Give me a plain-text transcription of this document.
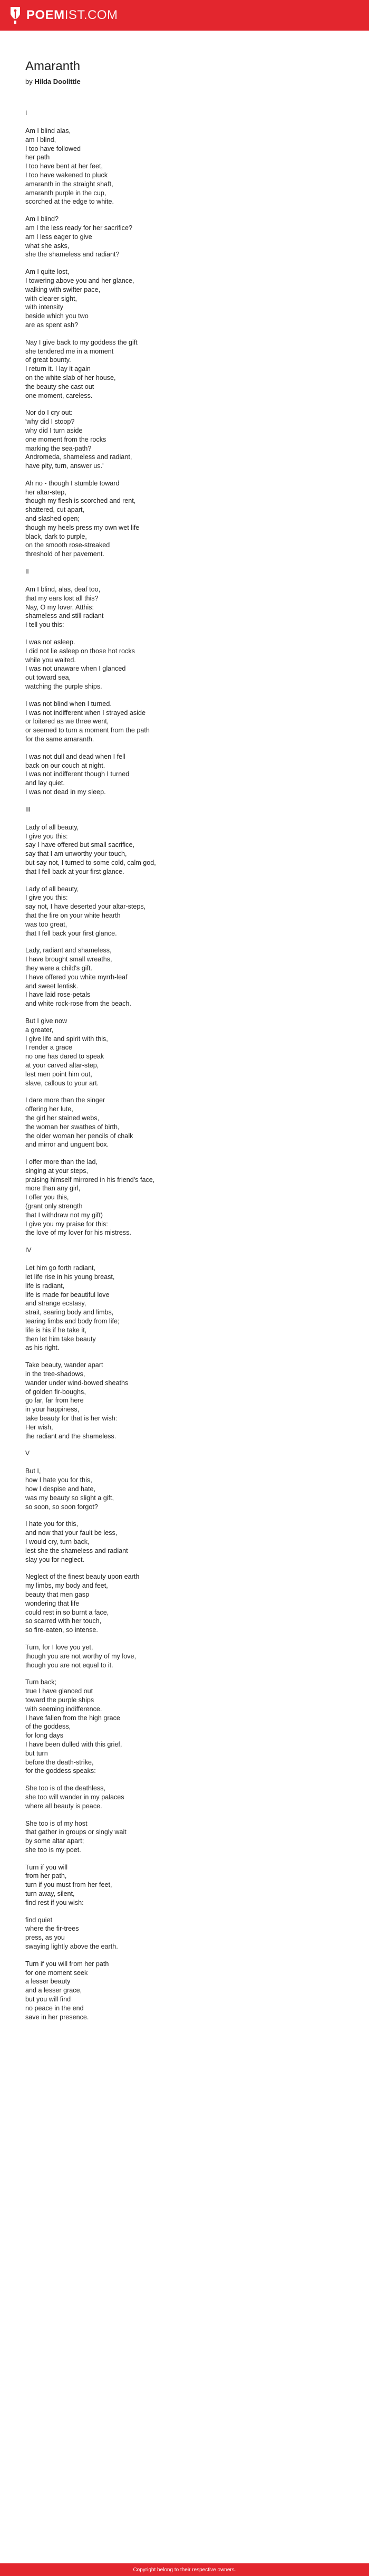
POEMIST.COM
Amaranth
by Hilda Doolittle
I
Am I blind alas,
am I blind,
I too have followed
her path
I too have bent at her feet,
I too have wakened to pluck
amaranth in the straight shaft,
amaranth purple in the cup,
scorched at the edge to white.
Am I blind?
am I the less ready for her sacrifice?
am I less eager to give
what she asks,
she the shameless and radiant?
Am I quite lost,
I towering above you and her glance,
walking with swifter pace,
with clearer sight,
with intensity
beside which you two
are as spent ash?
Nay I give back to my goddess the gift
she tendered me in a moment
of great bounty.
I return it. I lay it again
on the white slab of her house,
the beauty she cast out
one moment, careless.
Nor do I cry out:
'why did I stoop?
why did I turn aside
one moment from the rocks
marking the sea-path?
Andromeda, shameless and radiant,
have pity, turn, answer us.'
Ah no - though I stumble toward
her altar-step,
though my flesh is scorched and rent,
shattered, cut apart,
and slashed open;
though my heels press my own wet life
black, dark to purple,
on the smooth rose-streaked
threshold of her pavement.
II
Am I blind, alas, deaf too,
that my ears lost all this?
Nay, O my lover, Atthis:
shameless and still radiant
I tell you this:
I was not asleep.
I did not lie asleep on those hot rocks
while you waited.
I was not unaware when I glanced
out toward sea,
watching the purple ships.
I was not blind when I turned.
I was not indifferent when I strayed aside
or loitered as we three went,
or seemed to turn a moment from the path
for the same amaranth.
I was not dull and dead when I fell
back on our couch at night.
I was not indifferent though I turned
and lay quiet.
I was not dead in my sleep.
III
Lady of all beauty,
I give you this:
say I have offered but small sacrifice,
say that I am unworthy your touch,
but say not, I turned to some cold, calm god,
that I fell back at your first glance.
Lady of all beauty,
I give you this:
say not, I have deserted your altar-steps,
that the fire on your white hearth
was too great,
that I fell back your first glance.
Lady, radiant and shameless,
I have brought small wreaths,
they were a child's gift.
I have offered you white myrrh-leaf
and sweet lentisk.
I have laid rose-petals
and white rock-rose from the beach.
But I give now
a greater,
I give life and spirit with this,
I render a grace
no one has dared to speak
at your carved altar-step,
lest men point him out,
slave, callous to your art.
I dare more than the singer
offering her lute,
the girl her stained webs,
the woman her swathes of birth,
the older woman her pencils of chalk
and mirror and unguent box.
I offer more than the lad,
singing at your steps,
praising himself mirrored in his friend's face,
more than any girl,
I offer you this,
(grant only strength
that I withdraw not my gift)
I give you my praise for this:
the love of my lover for his mistress.
IV
Let him go forth radiant,
let life rise in his young breast,
life is radiant,
life is made for beautiful love
and strange ecstasy,
strait, searing body and limbs,
tearing limbs and body from life;
life is his if he take it,
then let him take beauty
as his right.
Take beauty, wander apart
in the tree-shadows,
wander under wind-bowed sheaths
of golden fir-boughs,
go far, far from here
in your happiness,
take beauty for that is her wish:
Her wish,
the radiant and the shameless.
V
But I,
how I hate you for this,
how I despise and hate,
was my beauty so slight a gift,
so soon, so soon forgot?
I hate you for this,
and now that your fault be less,
I would cry, turn back,
lest she the shameless and radiant
slay you for neglect.
Neglect of the finest beauty upon earth
my limbs, my body and feet,
beauty that men gasp
wondering that life
could rest in so burnt a face,
so scarred with her touch,
so fire-eaten, so intense.
Turn, for I love you yet,
though you are not worthy of my love,
though you are not equal to it.
Turn back;
true I have glanced out
toward the purple ships
with seeming indifference.
I have fallen from the high grace
of the goddess,
for long days
I have been dulled with this grief,
but turn
before the death-strike,
for the goddess speaks:
She too is of the deathless,
she too will wander in my palaces
where all beauty is peace.
She too is of my host
that gather in groups or singly wait
by some altar apart;
she too is my poet.
Turn if you will
from her path,
turn if you must from her feet,
turn away, silent,
find rest if you wish:
find quiet
where the fir-trees
press, as you
swaying lightly above the earth.
Turn if you will from her path
for one moment seek
a lesser beauty
and a lesser grace,
but you will find
no peace in the end
save in her presence.
Copyright belong to their respective owners.
